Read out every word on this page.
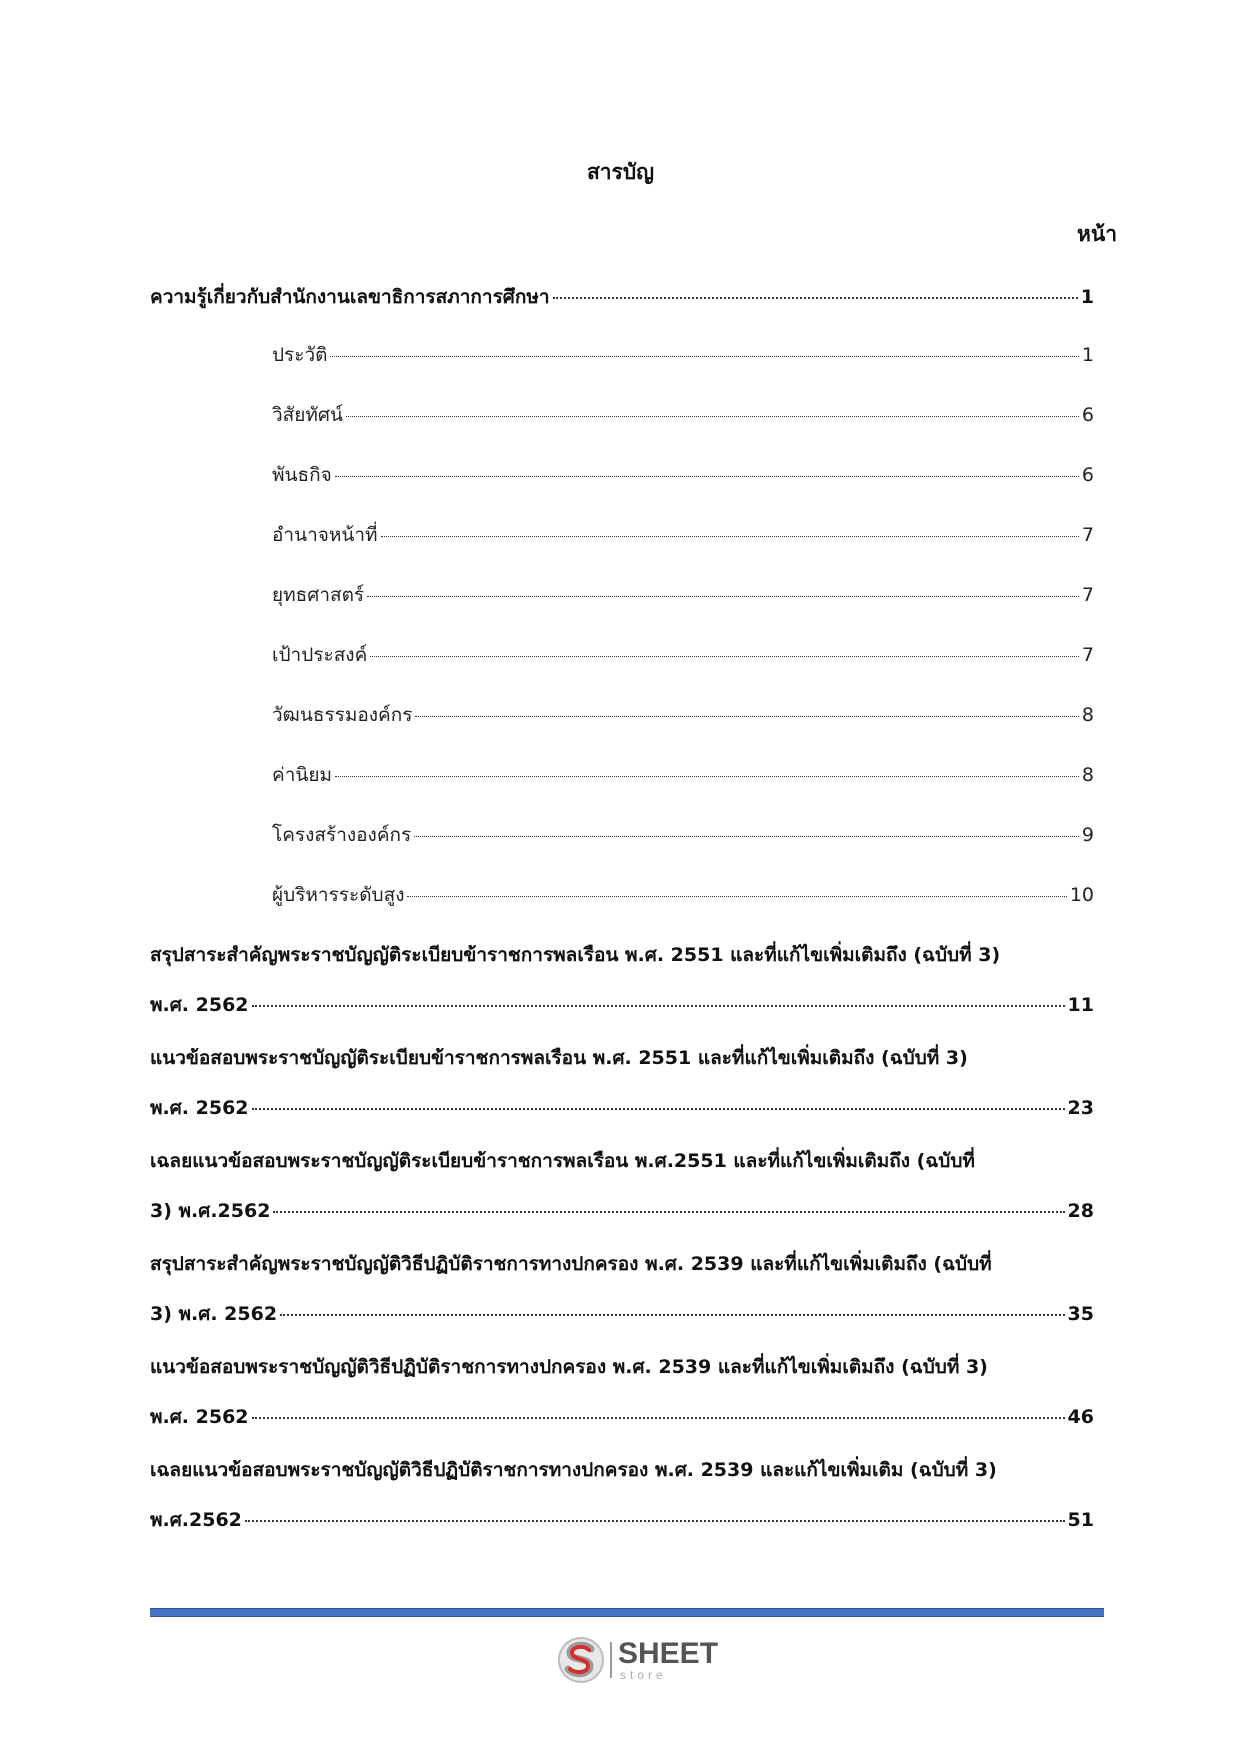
สารบัญ
หน้า
ความรู้เกี่ยวกับสำนักงานเลขาธิการสภาการศึกษา	1
ประวัติ	1
วิสัยทัศน์	6
พันธกิจ	6
อำนาจหน้าที่	7
ยุทธศาสตร์	7
เป้าประสงค์	7
วัฒนธรรมองค์กร	8
ค่านิยม	8
โครงสร้างองค์กร	9
ผู้บริหารระดับสูง	10
สรุปสาระสำคัญพระราชบัญญัติระเบียบข้าราชการพลเรือน พ.ศ. 2551 และที่แก้ไขเพิ่มเติมถึง (ฉบับที่ 3)
พ.ศ. 2562	11
แนวข้อสอบพระราชบัญญัติระเบียบข้าราชการพลเรือน พ.ศ. 2551 และที่แก้ไขเพิ่มเติมถึง (ฉบับที่ 3)
พ.ศ. 2562	23
เฉลยแนวข้อสอบพระราชบัญญัติระเบียบข้าราชการพลเรือน พ.ศ.2551 และที่แก้ไขเพิ่มเติมถึง (ฉบับที่
3) พ.ศ.2562	28
สรุปสาระสำคัญพระราชบัญญัติวิธีปฏิบัติราชการทางปกครอง พ.ศ. 2539 และที่แก้ไขเพิ่มเติมถึง (ฉบับที่
3) พ.ศ. 2562	35
แนวข้อสอบพระราชบัญญัติวิธีปฏิบัติราชการทางปกครอง พ.ศ. 2539 และที่แก้ไขเพิ่มเติมถึง (ฉบับที่ 3)
พ.ศ. 2562	46
เฉลยแนวข้อสอบพระราชบัญญัติวิธีปฏิบัติราชการทางปกครอง พ.ศ. 2539 และแก้ไขเพิ่มเติม (ฉบับที่ 3)
พ.ศ.2562	51
SHEET
store
